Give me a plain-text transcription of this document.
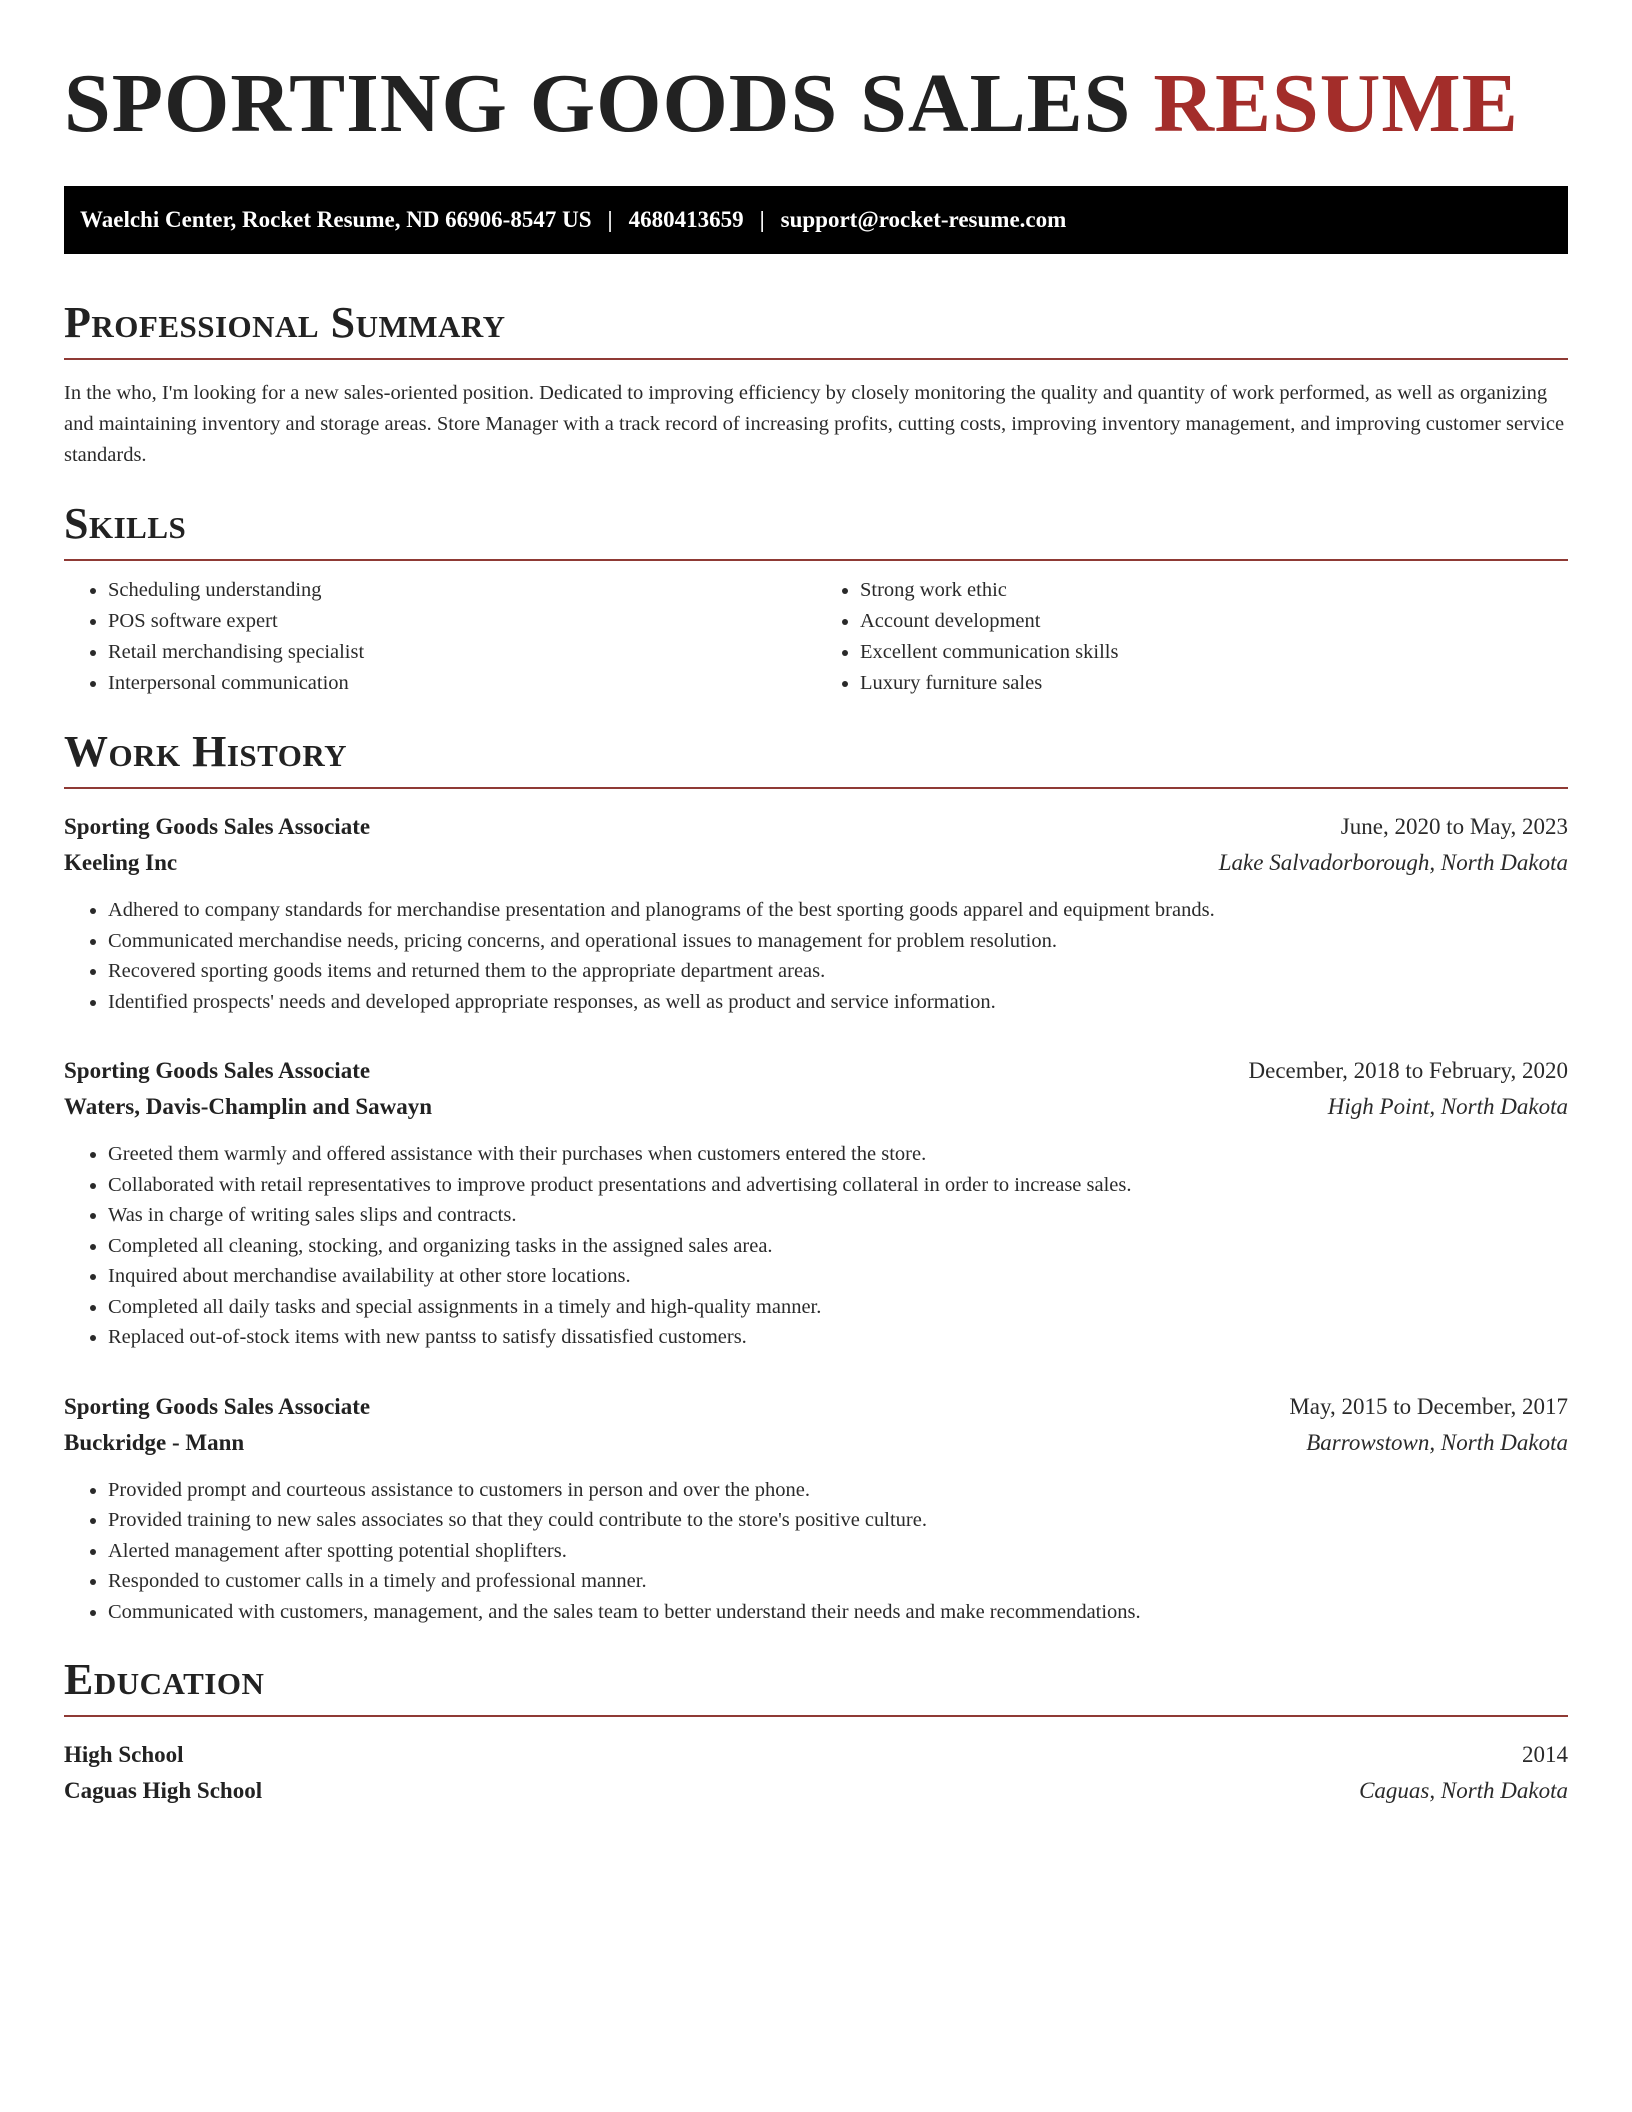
SPORTING GOODS SALES RESUME
Waelchi Center, Rocket Resume, ND 66906-8547 US | 4680413659 | support@rocket-resume.com
Professional Summary

In the who, I'm looking for a new sales-oriented position. Dedicated to improving efficiency by closely monitoring the quality and quantity of work performed, as well as organizing and maintaining inventory and storage areas. Store Manager with a track record of increasing profits, cutting costs, improving inventory management, and improving customer service standards.

Skills
• Scheduling understanding
• POS software expert
• Retail merchandising specialist
• Interpersonal communication
• Strong work ethic
• Account development
• Excellent communication skills
• Luxury furniture sales
Work History
Sporting Goods Sales Associate	June, 2020 to May, 2023
Keeling Inc	Lake Salvadorborough, North Dakota
• Adhered to company standards for merchandise presentation and planograms of the best sporting goods apparel and equipment brands.
• Communicated merchandise needs, pricing concerns, and operational issues to management for problem resolution.
• Recovered sporting goods items and returned them to the appropriate department areas.
• Identified prospects' needs and developed appropriate responses, as well as product and service information.
Sporting Goods Sales Associate	December, 2018 to February, 2020
Waters, Davis-Champlin and Sawayn	High Point, North Dakota
• Greeted them warmly and offered assistance with their purchases when customers entered the store.
• Collaborated with retail representatives to improve product presentations and advertising collateral in order to increase sales.
• Was in charge of writing sales slips and contracts.
• Completed all cleaning, stocking, and organizing tasks in the assigned sales area.
• Inquired about merchandise availability at other store locations.
• Completed all daily tasks and special assignments in a timely and high-quality manner.
• Replaced out-of-stock items with new pantss to satisfy dissatisfied customers.
Sporting Goods Sales Associate	May, 2015 to December, 2017
Buckridge - Mann	Barrowstown, North Dakota
• Provided prompt and courteous assistance to customers in person and over the phone.
• Provided training to new sales associates so that they could contribute to the store's positive culture.
• Alerted management after spotting potential shoplifters.
• Responded to customer calls in a timely and professional manner.
• Communicated with customers, management, and the sales team to better understand their needs and make recommendations.
Education
High School	2014
Caguas High School	Caguas, North Dakota
